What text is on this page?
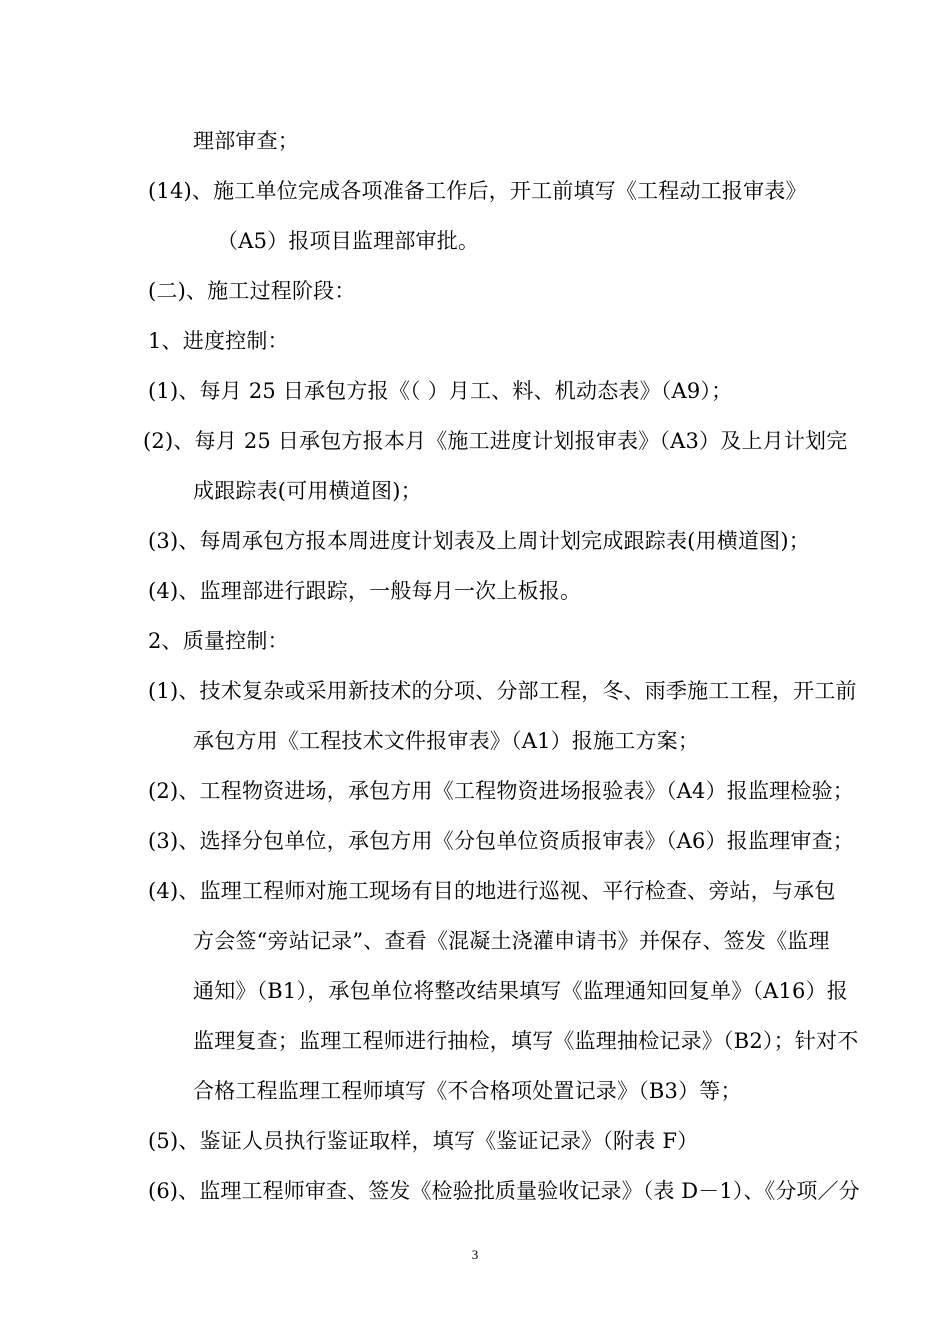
理部审查；
(14)、施工单位完成各项准备工作后，开工前填写《工程动工报审表》
（A5）报项目监理部审批。
(二)、施工过程阶段：
1、进度控制：
(1)、每月 25 日承包方报《（ ）月工、料、机动态表》（A9）；
(2)、每月 25 日承包方报本月《施工进度计划报审表》（A3）及上月计划完
成跟踪表(可用横道图)；
(3)、每周承包方报本周进度计划表及上周计划完成跟踪表(用横道图)；
(4)、监理部进行跟踪，一般每月一次上板报。
2、质量控制：
(1)、技术复杂或采用新技术的分项、分部工程，冬、雨季施工工程，开工前
承包方用《工程技术文件报审表》（A1）报施工方案；
(2)、工程物资进场，承包方用《工程物资进场报验表》（A4）报监理检验；
(3)、选择分包单位，承包方用《分包单位资质报审表》（A6）报监理审查；
(4)、监理工程师对施工现场有目的地进行巡视、平行检查、旁站，与承包
方会签“旁站记录”、查看《混凝土浇灌申请书》并保存、签发《监理
通知》（B1），承包单位将整改结果填写《监理通知回复单》（A16）报
监理复查；监理工程师进行抽检，填写《监理抽检记录》（B2）；针对不
合格工程监理工程师填写《不合格项处置记录》（B3）等；
(5)、鉴证人员执行鉴证取样，填写《鉴证记录》（附表 F）
(6)、监理工程师审查、签发《检验批质量验收记录》（表 D－1）、《分项／分
3
